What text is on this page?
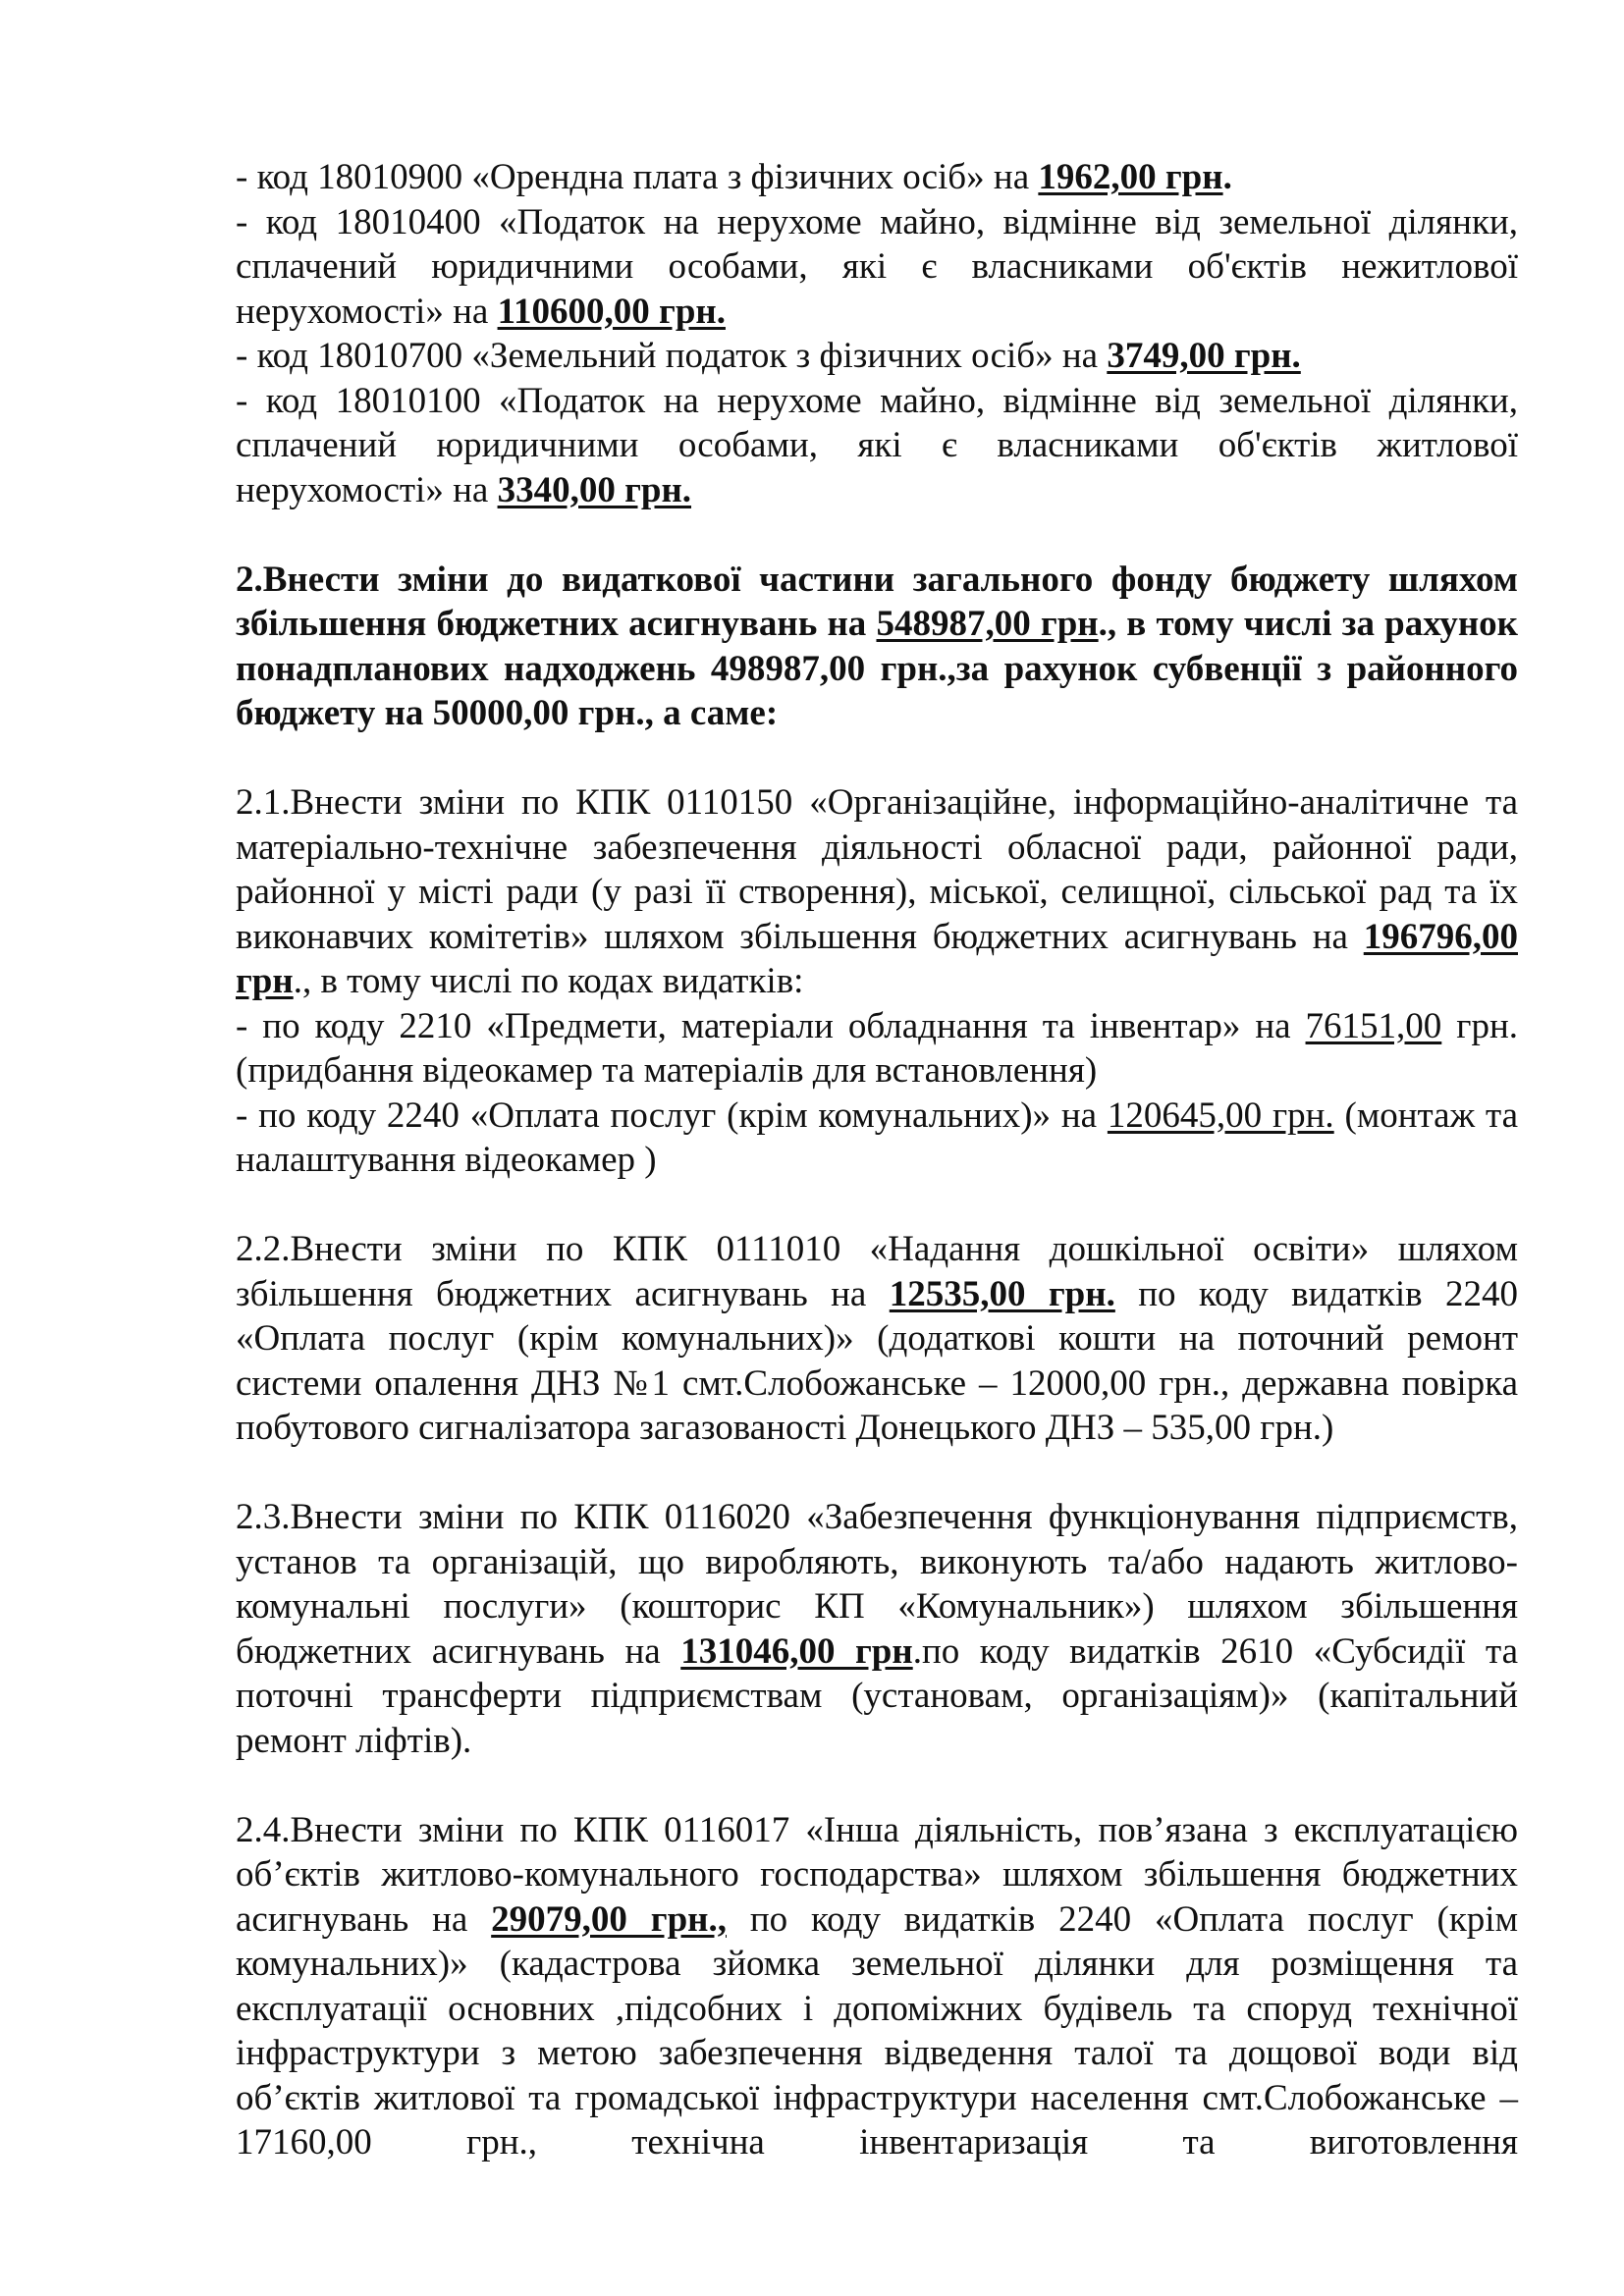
- код 18010900 «Орендна плата з фізичних осіб» на 1962,00 грн.

- код 18010400 «Податок на нерухоме майно, відмінне від земельної ділянки, сплачений юридичними особами, які є власниками об'єктів нежитлової нерухомості» на 110600,00 грн.

- код 18010700 «Земельний податок з фізичних осіб» на 3749,00 грн.

- код 18010100 «Податок на нерухоме майно, відмінне від земельної ділянки, сплачений юридичними особами, які є власниками об'єктів житлової нерухомості» на 3340,00 грн.

2.Внести зміни до видаткової частини загального фонду бюджету шляхом збільшення бюджетних асигнувань на 548987,00 грн., в тому числі за рахунок понадпланових надходжень 498987,00 грн.,за рахунок субвенції з районного бюджету на 50000,00 грн., а саме:

2.1.Внести зміни по КПК 0110150 «Організаційне, інформаційно-аналітичне та матеріально-технічне забезпечення діяльності обласної ради, районної ради, районної у місті ради (у разі її створення), міської, селищної, сільської рад та їх виконавчих комітетів» шляхом збільшення бюджетних асигнувань на 196796,00 грн., в тому числі по кодах видатків:

- по коду 2210 «Предмети, матеріали обладнання та інвентар» на 76151,00 грн.(придбання відеокамер та матеріалів для встановлення)

- по коду 2240 «Оплата послуг (крім комунальних)» на 120645,00 грн. (монтаж та налаштування відеокамер )

2.2.Внести зміни по КПК 0111010 «Надання дошкільної освіти» шляхом збільшення бюджетних асигнувань на 12535,00 грн. по коду видатків 2240 «Оплата послуг (крім комунальних)» (додаткові кошти на поточний ремонт системи опалення ДНЗ №1 смт.Слобожанське – 12000,00 грн., державна повірка побутового сигналізатора загазованості Донецького ДНЗ – 535,00 грн.)

2.3.Внести зміни по КПК 0116020 «Забезпечення функціонування підприємств, установ та організацій, що виробляють, виконують та/або надають житлово-комунальні послуги» (кошторис КП «Комунальник») шляхом збільшення бюджетних асигнувань на 131046,00 грн.по коду видатків 2610 «Субсидії та поточні трансферти підприємствам (установам, організаціям)» (капітальний ремонт ліфтів).

2.4.Внести зміни по КПК 0116017 «Інша діяльність, пов’язана з експлуатацією об’єктів житлово-комунального господарства» шляхом збільшення бюджетних асигнувань на 29079,00 грн., по коду видатків 2240 «Оплата послуг (крім комунальних)» (кадастрова зйомка земельної ділянки для розміщення та експлуатації основних ,підсобних і допоміжних будівель та споруд технічної інфраструктури з метою забезпечення відведення талої та дощової води від об’єктів житлової та громадської інфраструктури населення смт.Слобожанське – 17160,00 грн., технічна інвентаризація та виготовлення
